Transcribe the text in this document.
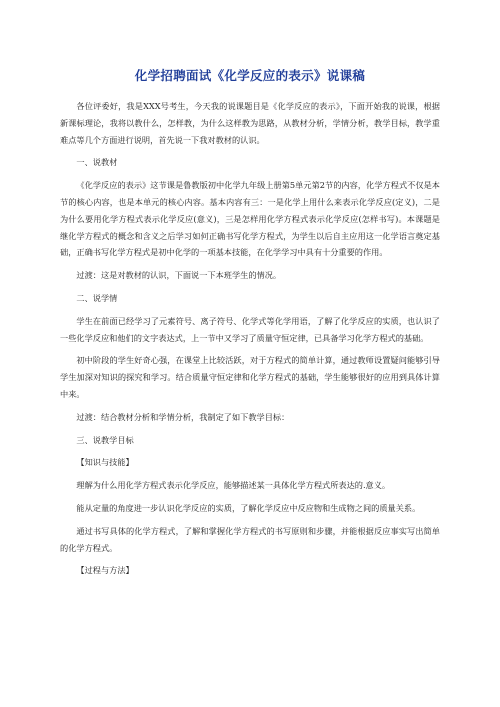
化学招聘面试《化学反应的表示》说课稿

各位评委好，我是XXX号考生，今天我的说课题目是《化学反应的表示》，下面开始我的说课，根据新课标理论，我将以教什么，怎样教，为什么这样教为思路，从教材分析，学情分析，教学目标，教学重难点等几个方面进行说明，首先说一下我对教材的认识。

一、说教材

《化学反应的表示》这节课是鲁教版初中化学九年级上册第5单元第2节的内容，化学方程式不仅是本节的核心内容，也是本单元的核心内容。基本内容有三：一是化学上用什么来表示化学反应(定义)，二是为什么要用化学方程式表示化学反应(意义)，三是怎样用化学方程式表示化学反应(怎样书写)。本课题是继化学方程式的概念和含义之后学习如何正确书写化学方程式，为学生以后自主应用这一化学语言奠定基础，正确书写化学方程式是初中化学的一项基本技能，在化学学习中具有十分重要的作用。

过渡：这是对教材的认识，下面说一下本班学生的情况。

二、说学情

学生在前面已经学习了元素符号、离子符号、化学式等化学用语，了解了化学反应的实质，也认识了一些化学反应和他们的文字表达式，上一节中又学习了质量守恒定律，已具备学习化学方程式的基础。

初中阶段的学生好奇心强，在课堂上比较活跃，对于方程式的简单计算，通过教师设置疑问能够引导学生加深对知识的探究和学习。结合质量守恒定律和化学方程式的基础，学生能够很好的应用到具体计算中来。

过渡：结合教材分析和学情分析，我制定了如下教学目标：

三、说教学目标

【知识与技能】

理解为什么用化学方程式表示化学反应，能够描述某一具体化学方程式所表达的.意义。

能从定量的角度进一步认识化学反应的实质，了解化学反应中反应物和生成物之间的质量关系。

通过书写具体的化学方程式，了解和掌握化学方程式的书写原则和步骤，并能根据反应事实写出简单的化学方程式。

【过程与方法】
